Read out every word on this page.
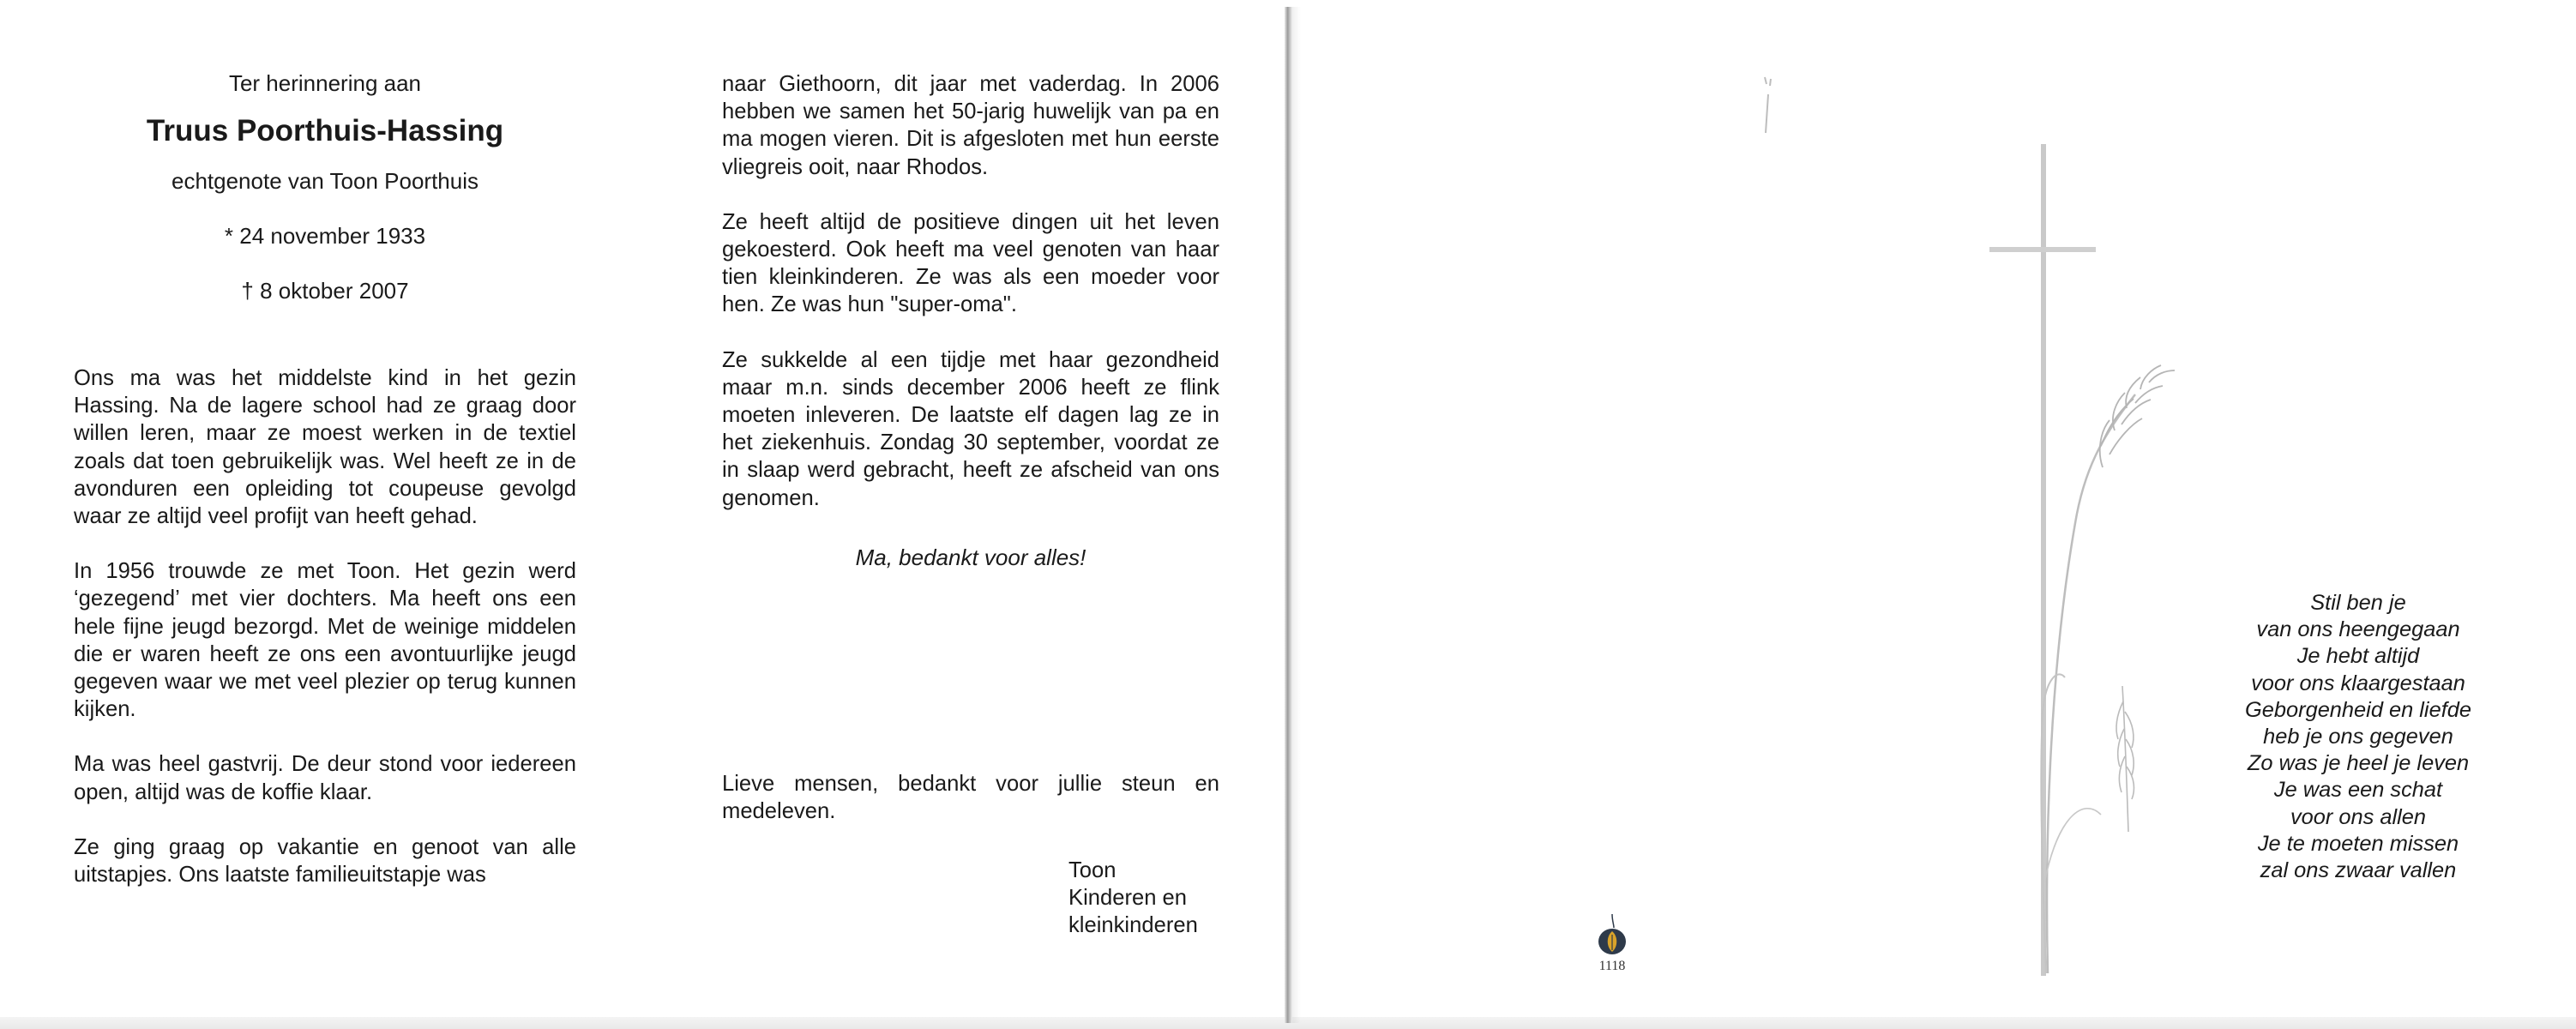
Ter herinnering aan
Truus Poorthuis-Hassing
echtgenote van Toon Poorthuis
* 24 november 1933
† 8 oktober 2007

Ons ma was het middelste kind in het gezin Hassing. Na de lagere school had ze graag door willen leren, maar ze moest werken in de textiel zoals dat toen gebruikelijk was. Wel heeft ze in de avonduren een opleiding tot coupeuse gevolgd waar ze altijd veel profijt van heeft gehad.

In 1956 trouwde ze met Toon. Het gezin werd ‘gezegend’ met vier dochters. Ma heeft ons een hele fijne jeugd bezorgd. Met de weinige middelen die er waren heeft ze ons een avontuurlijke jeugd gegeven waar we met veel plezier op terug kunnen kijken.

Ma was heel gastvrij. De deur stond voor iedereen open, altijd was de koffie klaar.

Ze ging graag op vakantie en genoot van alle uitstapjes. Ons laatste familieuitstapje was

naar Giethoorn, dit jaar met vaderdag. In 2006 hebben we samen het 50-jarig huwelijk van pa en ma mogen vieren. Dit is afgesloten met hun eerste vliegreis ooit, naar Rhodos.

Ze heeft altijd de positieve dingen uit het leven gekoesterd. Ook heeft ma veel genoten van haar tien kleinkinderen. Ze was als een moeder voor hen. Ze was hun "super-oma".

Ze sukkelde al een tijdje met haar gezondheid maar m.n. sinds december 2006 heeft ze flink moeten inleveren. De laatste elf dagen lag ze in het ziekenhuis. Zondag 30 september, voordat ze in slaap werd gebracht, heeft ze afscheid van ons genomen.

Ma, bedankt voor alles!

Lieve mensen, bedankt voor jullie steun en medeleven.

Toon
Kinderen en
kleinkinderen
1118
Stil ben je
van ons heengegaan
Je hebt altijd
voor ons klaargestaan
Geborgenheid en liefde
heb je ons gegeven
Zo was je heel je leven
Je was een schat
voor ons allen
Je te moeten missen
zal ons zwaar vallen
